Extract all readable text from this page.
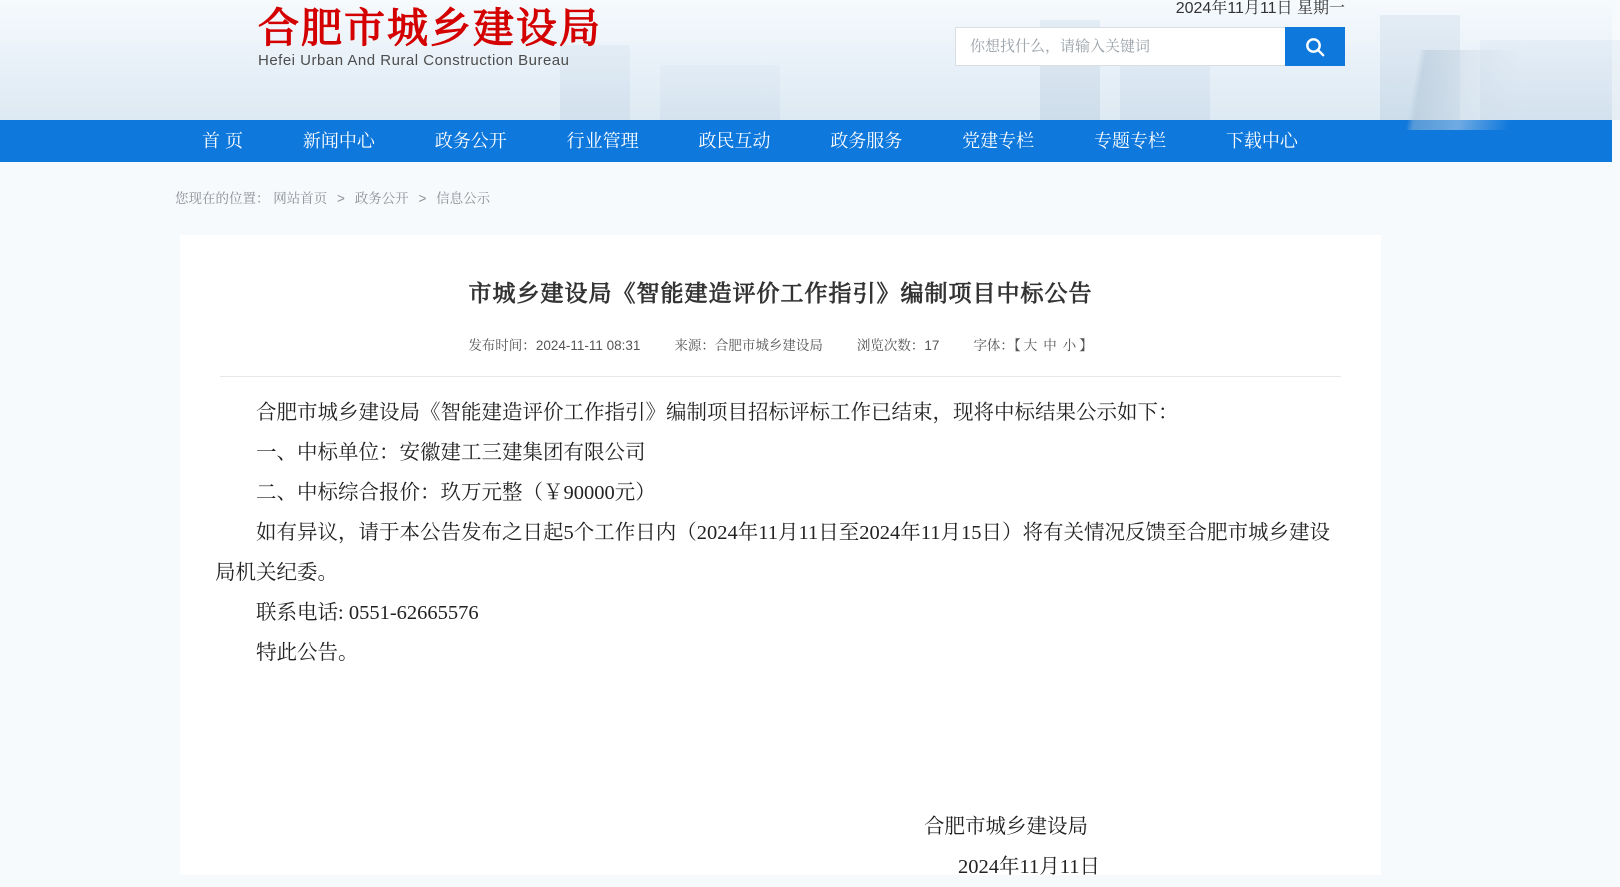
合肥市城乡建设局
Hefei Urban And Rural Construction Bureau
2024年11月11日 星期一
你想找什么，请输入关键词
首 页	新闻中心	政务公开	行业管理	政民互动	政务服务	党建专栏	专题专栏	下载中心
您现在的位置： 网站首页 > 政务公开 > 信息公示
市城乡建设局《智能建造评价工作指引》编制项目中标公告
发布时间：2024-11-11 08:31	来源：合肥市城乡建设局	浏览次数：17	字体：【 大 中 小 】

合肥市城乡建设局《智能建造评价工作指引》编制项目招标评标工作已结束，现将中标结果公示如下：

一、中标单位：安徽建工三建集团有限公司

二、中标综合报价：玖万元整（￥90000元）

如有异议，请于本公告发布之日起5个工作日内（2024年11月11日至2024年11月15日）将有关情况反馈至合肥市城乡建设局机关纪委。

联系电话: 0551-62665576

特此公告。

合肥市城乡建设局

2024年11月11日
